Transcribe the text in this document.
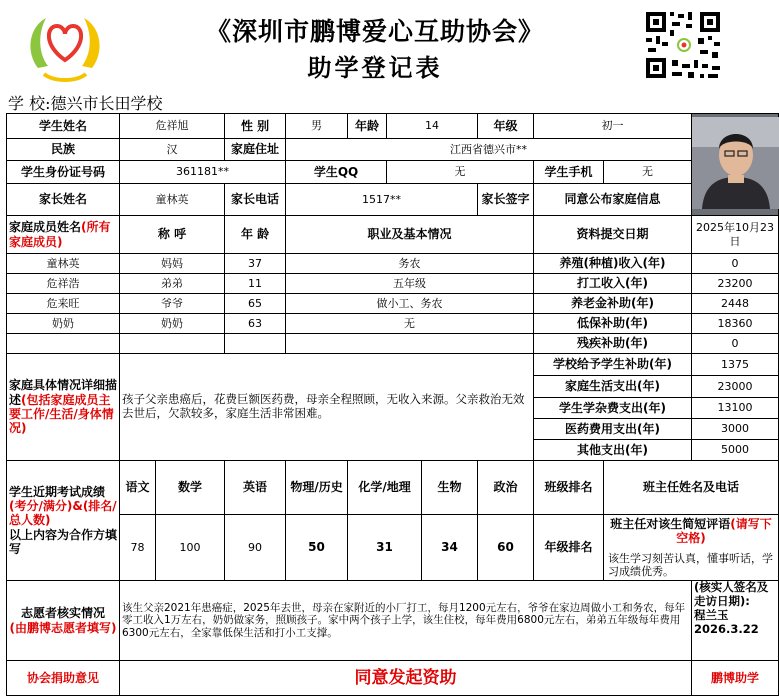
《深圳市鹏博爱心互助协会》
助学登记表
学 校:德兴市长田学校
学生姓名	危祥旭		性 别	男	年龄	14		年级	初一	
民族	汉		家庭住址	江西省德兴市**								
学生身份证号码	361181**			学生QQ		无			学生手机	无		
家长姓名	童林英		家长电话	1517**				家长签字	同意公布家庭信息			
家庭成员姓名(所有家庭成员)	称 呼		年 龄	职业及基本情况					资料提交日期		2025年10月23日	
童林英	妈妈		37	务农					养殖(种植)收入(年)		0	
危祥浩	弟弟		11	五年级					打工收入(年)		23200	
危来旺	爷爷		65	做小工、务农					养老金补助(年)		2448	
奶奶	奶奶		63	无					低保补助(年)		18360	
									残疾补助(年)		0	
家庭具体情况详细描述(包括家庭成员主要工作/生活/身体情况)	孩子父亲患癌后，花费巨额医药费，母亲全程照顾，无收入来源。父亲救治无效去世后，欠款较多，家庭生活非常困难。								学校给予学生补助(年)		1375	
									家庭生活支出(年)		23000	
									学生学杂费支出(年)		13100	
									医药费用支出(年)		3000	
									其他支出(年)		5000	
学生近期考试成绩(考分/满分)&(排名/总人数)
以上内容为合作方填写	语文	数学	英语	物理/历史	化学/地理		生物	政治	班级排名	班主任姓名及电话	
	78	100	90	50	31		34	60	年级排名	班主任对该生简短评语(请写下空格)
该生学习刻苦认真，懂事听话，学习成绩优秀。		

志愿者核实情况
(由鹏博志愿者填写)	该生父亲2021年患癌症，2025年去世，母亲在家附近的小厂打工，每月1200元左右，爷爷在家边周做小工和务农，每年零工收入1万左右，奶奶做家务，照顾孩子。家中两个孩子上学，该生住校，每年费用6800元左右，弟弟五年级每年费用6300元左右，全家靠低保生活和打小工支撑。										(核实人签名及走访日期):
程兰玉
2026.3.22	
协会捐助意见	同意发起资助										鹏博助学	
